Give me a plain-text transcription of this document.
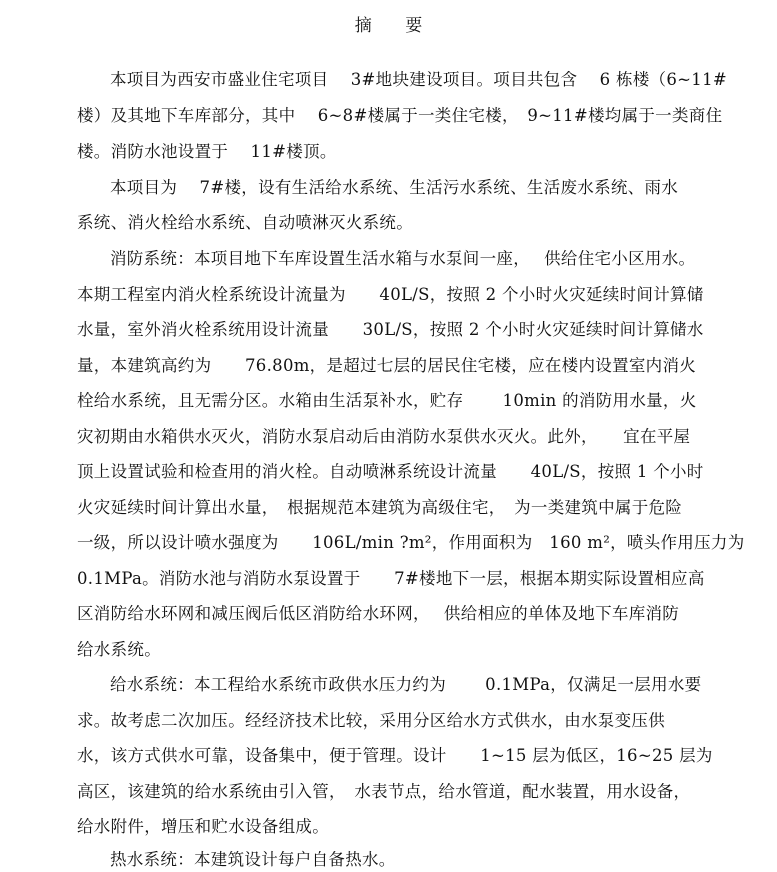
摘 要
本项目为西安市盛业住宅项目　 3#地块建设项目。项目共包含　 6 栋楼（6~11#
楼）及其地下车库部分，其中　 6~8#楼属于一类住宅楼，　9~11#楼均属于一类商住
楼。消防水池设置于　 11#楼顶。
本项目为　 7#楼，设有生活给水系统、生活污水系统、生活废水系统、雨水
系统、消火栓给水系统、自动喷淋灭火系统。
消防系统：本项目地下车库设置生活水箱与水泵间一座，　 供给住宅小区用水。
本期工程室内消火栓系统设计流量为　　40L/S，按照 2 个小时火灾延续时间计算储
水量，室外消火栓系统用设计流量　　30L/S，按照 2 个小时火灾延续时间计算储水
量，本建筑高约为　　76.80m，是超过七层的居民住宅楼，应在楼内设置室内消火
栓给水系统，且无需分区。水箱由生活泵补水，贮存　　 10min 的消防用水量，火
灾初期由水箱供水灭火，消防水泵启动后由消防水泵供水灭火。此外，　　宜在平屋
顶上设置试验和检查用的消火栓。自动喷淋系统设计流量　　40L/S，按照 1 个小时
火灾延续时间计算出水量，　根据规范本建筑为高级住宅，　为一类建筑中属于危险
一级，所以设计喷水强度为　　106L/min ?m²，作用面积为　160 m²，喷头作用压力为
0.1MPa。消防水池与消防水泵设置于　　7#楼地下一层，根据本期实际设置相应高
区消防给水环网和减压阀后低区消防给水环网，　 供给相应的单体及地下车库消防
给水系统。
给水系统：本工程给水系统市政供水压力约为　　 0.1MPa，仅满足一层用水要
求。故考虑二次加压。经经济技术比较，采用分区给水方式供水，由水泵变压供
水，该方式供水可靠，设备集中，便于管理。设计　　1~15 层为低区，16~25 层为
高区，该建筑的给水系统由引入管，　水表节点，给水管道，配水装置，用水设备，
给水附件，增压和贮水设备组成。
热水系统：本建筑设计每户自备热水。
